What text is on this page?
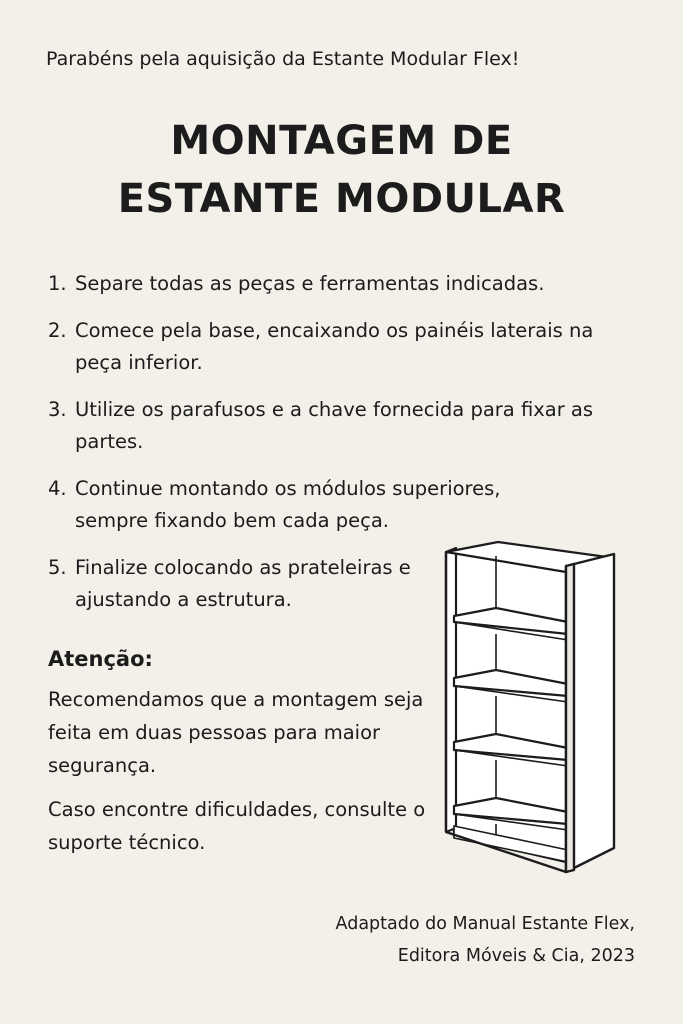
Parabéns pela aquisição da Estante Modular Flex!
MONTAGEM DE
ESTANTE MODULAR
1. Separe todas as peças e ferramentas indicadas.
2. Comece pela base, encaixando os painéis laterais na peça inferior.
3. Utilize os parafusos e a chave fornecida para fixar as partes.
4. Continue montando os módulos superiores, sempre fixando bem cada peça.
5. Finalize colocando as prateleiras e ajustando a estrutura.
Atenção:

Recomendamos que a montagem seja feita em duas pessoas para maior segurança.

Caso encontre dificuldades, consulte o suporte técnico.

Adaptado do Manual Estante Flex,
Editora Móveis & Cia, 2023
